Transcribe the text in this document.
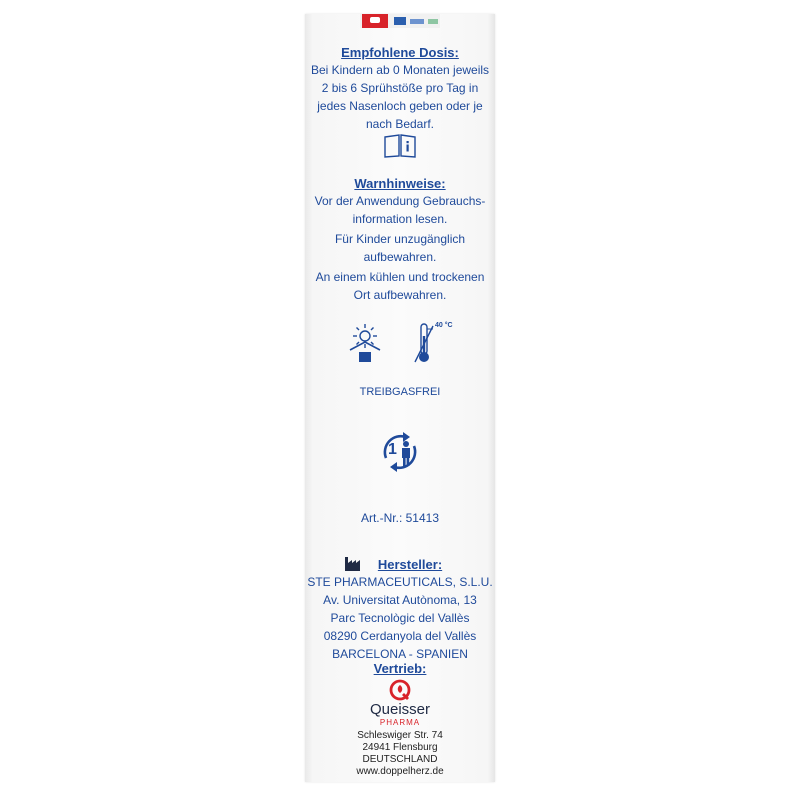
Empfohlene Dosis:
Bei Kindern ab 0 Monaten jeweils
2 bis 6 Sprühstöße pro Tag in
jedes Nasenloch geben oder je
nach Bedarf.
Warnhinweise:
Vor der Anwendung Gebrauchs-
information lesen.
Für Kinder unzugänglich
aufbewahren.
An einem kühlen und trockenen
Ort aufbewahren.
40 °C
TREIBGASFREI
1
Art.-Nr.: 51413
Hersteller:
STE PHARMACEUTICALS, S.L.U.
Av. Universitat Autònoma, 13
Parc Tecnològic del Vallès
08290 Cerdanyola del Vallès
BARCELONA - SPANIEN
Vertrieb:
Queisser
PHARMA
Schleswiger Str. 74
24941 Flensburg
DEUTSCHLAND
www.doppelherz.de
